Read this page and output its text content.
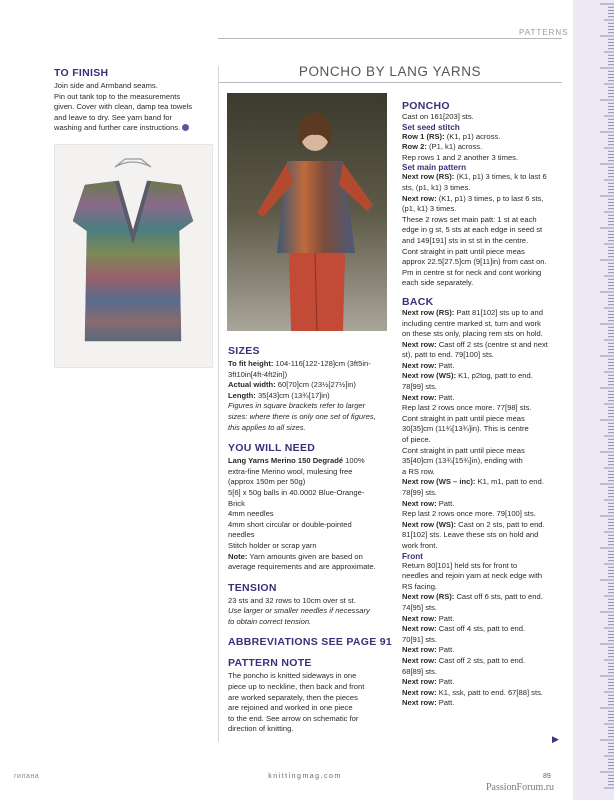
PATTERNS
PONCHO BY LANG YARNS
TO FINISH

Join side and Armband seams.

Pin out tank top to the measurements

given. Cover with clean, damp tea towels

and leave to dry. See yarn band for

washing and further care instructions.

SIZES

To fit height: 104-116[122-128]cm (3ft5in-

3ft10in[4ft-4ft2in])

Actual width: 60[70]cm (23½[27½]in)

Length: 35[43]cm (13¾[17]in)

Figures in square brackets refer to larger

sizes: where there is only one set of figures,

this applies to all sizes.

YOU WILL NEED

Lang Yarns Merino 150 Degradé 100%

extra-fine Merino wool, mulesing free

(approx 150m per 50g)

5[6] x 50g balls in 40.0002 Blue-Orange-

Brick

4mm needles

4mm short circular or double-pointed

needles

Stitch holder or scrap yarn

Note: Yarn amounts given are based on

average requirements and are approximate.

TENSION

23 sts and 32 rows to 10cm over st st.

Use larger or smaller needles if necessary

to obtain correct tension.

ABBREVIATIONS SEE PAGE 91
PATTERN NOTE

The poncho is knitted sideways in one

piece up to neckline, then back and front

are worked separately, then the pieces

are rejoined and worked in one piece

to the end. See arrow on schematic for

direction of knitting.

PONCHO

Cast on 161[203] sts.

Set seed stitch

Row 1 (RS): (K1, p1) across.

Row 2: (P1, k1) across.

Rep rows 1 and 2 another 3 times.

Set main pattern

Next row (RS): (K1, p1) 3 times, k to last 6

sts, (p1, k1) 3 times.

Next row: (K1, p1) 3 times, p to last 6 sts,

(p1, k1) 3 times.

These 2 rows set main patt: 1 st at each

edge in g st, 5 sts at each edge in seed st

and 149[191] sts in st st in the centre.

Cont straight in patt until piece meas

approx 22.5[27.5]cm (9[11]in) from cast on.

Pm in centre st for neck and cont working

each side separately.

BACK

Next row (RS): Patt 81[102] sts up to and

including centre marked st, turn and work

on these sts only, placing rem sts on hold.

Next row: Cast off 2 sts (centre st and next

st), patt to end. 79[100] sts.

Next row: Patt.

Next row (WS): K1, p2tog, patt to end.

78[99] sts.

Next row: Patt.

Rep last 2 rows once more. 77[98] sts.

Cont straight in patt until piece meas

30[35]cm (11¾[13¾]in). This is centre

of piece.

Cont straight in patt until piece meas

35[40]cm (13¾[15¾]in), ending with

a RS row.

Next row (WS – inc): K1, m1, patt to end.

78[99] sts.

Next row: Patt.

Rep last 2 rows once more. 79[100] sts.

Next row (WS): Cast on 2 sts, patt to end.

81[102] sts. Leave these sts on hold and

work front.

Front

Return 80[101] held sts for front to

needles and rejoin yarn at neck edge with

RS facing.

Next row (RS): Cast off 6 sts, patt to end.

74[95] sts.

Next row: Patt.

Next row: Cast off 4 sts, patt to end.

70[91] sts.

Next row: Patt.

Next row: Cast off 2 sts, patt to end.

68[89] sts.

Next row: Patt.

Next row: K1, ssk, patt to end. 67[88] sts.

Next row: Patt.

▶
гилана	knittingmag.com	89
PassionForum.ru
